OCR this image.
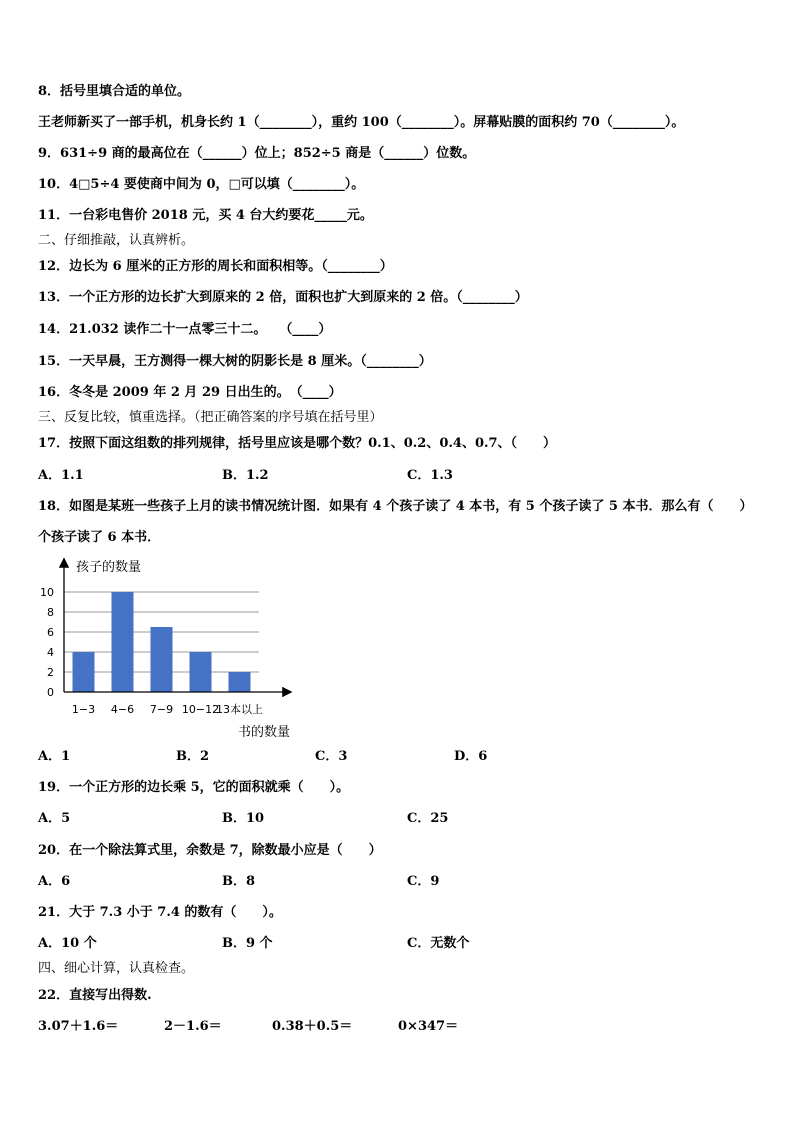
8．括号里填合适的单位。
王老师新买了一部手机，机身长约 1（________），重约 100（________）。屏幕贴膜的面积约 70（________）。
9．631÷9 商的最高位在（______）位上；852÷5 商是（______）位数。
10．4□5÷4 要使商中间为 0，□可以填（________）。
11．一台彩电售价 2018 元，买 4 台大约要花_____元。
二、仔细推敲，认真辨析。
12．边长为 6 厘米的正方形的周长和面积相等。（________）
13．一个正方形的边长扩大到原来的 2 倍，面积也扩大到原来的 2 倍。（________）
14．21.032 读作二十一点零三十二。　　（____）
15．一天早晨，王方测得一棵大树的阴影长是 8 厘米。（________）
16．冬冬是 2009 年 2 月 29 日出生的。　（____）
三、反复比较，慎重选择。（把正确答案的序号填在括号里）
17．按照下面这组数的排列规律，括号里应该是哪个数？0.1、0.2、0.4、0.7、（　　）
A．1.1	B．1.2	C．1.3
18．如图是某班一些孩子上月的读书情况统计图．如果有 4 个孩子读了 4 本书，有 5 个孩子读了 5 本书．那么有（　　）
个孩子读了 6 本书．
孩子的数量
0
2
4
6
8
10
1−3 4−6 7−9 10−12
13本以上
书的数量
A．1	B．2	C．3	D．6
19．一个正方形的边长乘 5，它的面积就乘（　　）。
A．5	B．10	C．25
20．在一个除法算式里，余数是 7，除数最小应是（　　）
A．6	B．8	C．9
21．大于 7.3 小于 7.4 的数有（　　）。
A．10 个	B．9 个	C．无数个
四、细心计算，认真检查。
22．直接写出得数.
3.07＋1.6＝	2－1.6＝	0.38＋0.5＝	0×347＝
